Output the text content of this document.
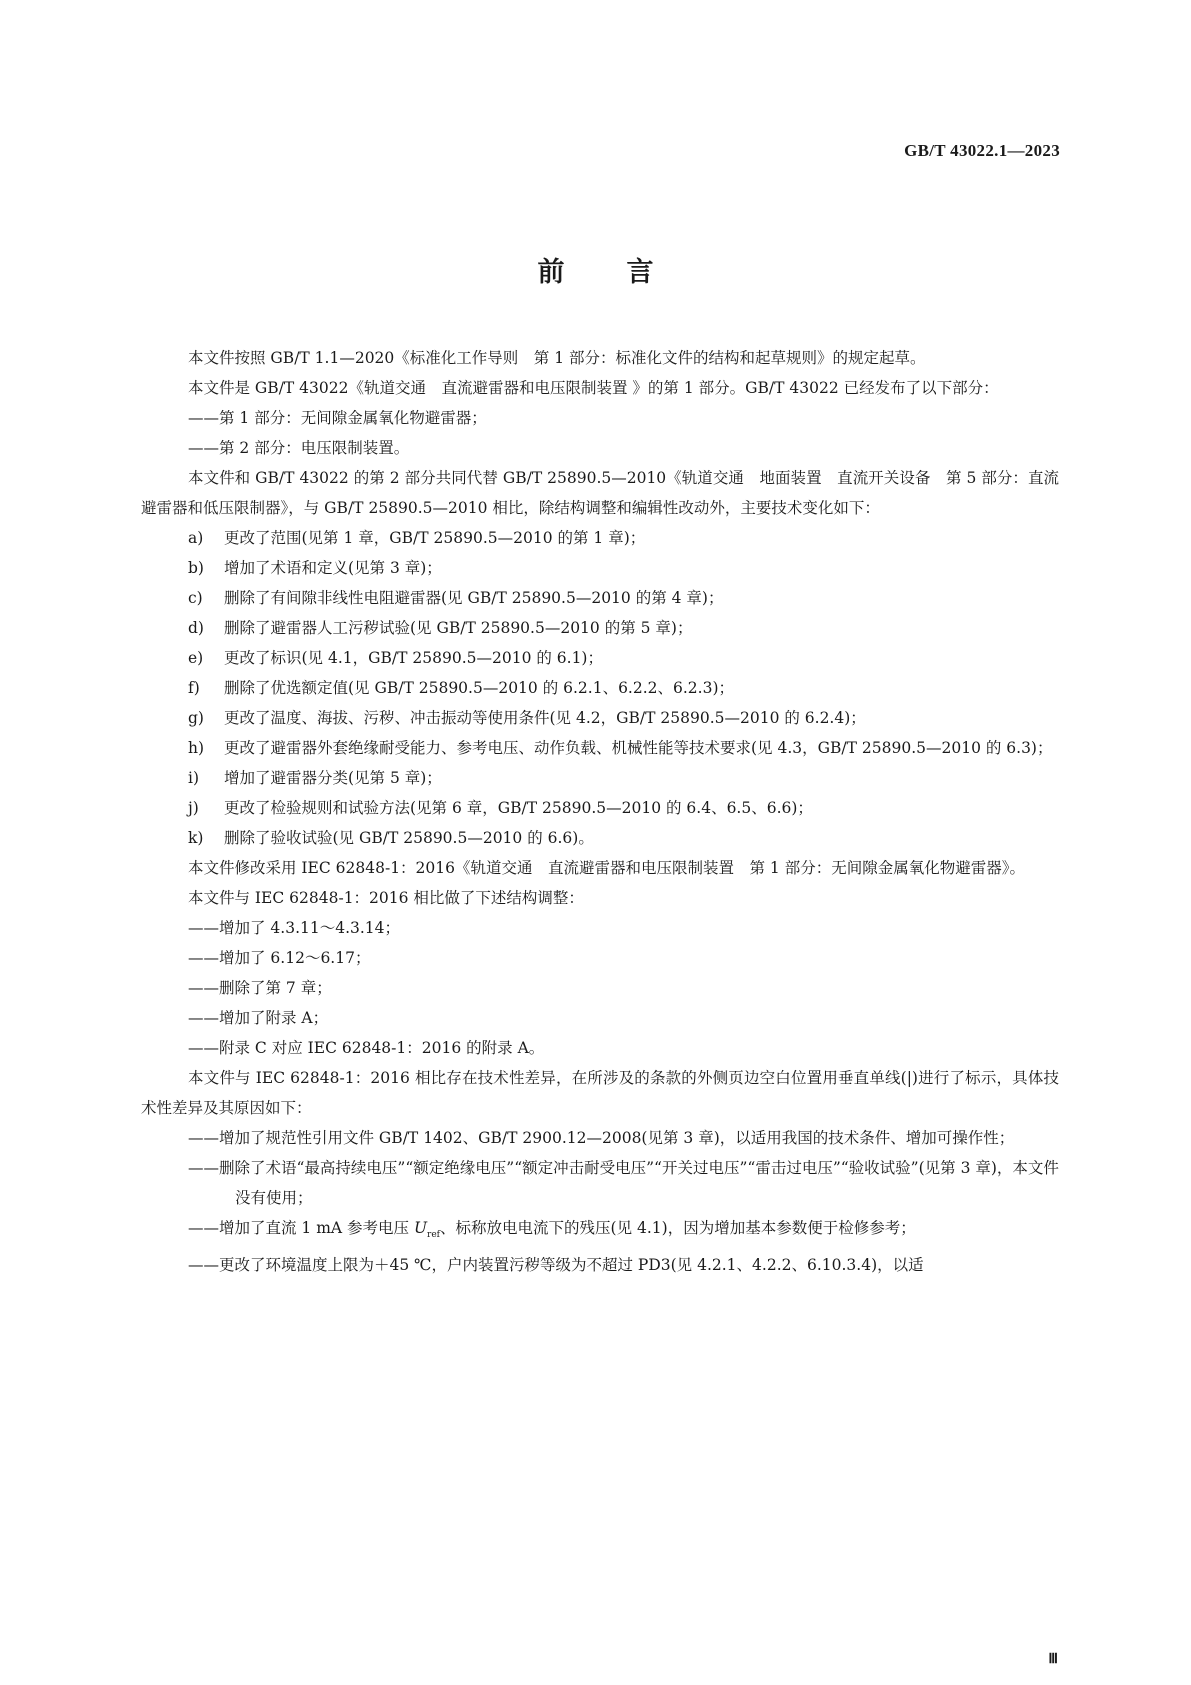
GB/T 43022.1—2023
前言

本文件按照 GB/T 1.1—2020《标准化工作导则　第 1 部分：标准化文件的结构和起草规则》的规定起草。

本文件是 GB/T 43022《轨道交通　直流避雷器和电压限制装置 》的第 1 部分。GB/T 43022 已经发布了以下部分：

——第 1 部分：无间隙金属氧化物避雷器；

——第 2 部分：电压限制装置。

本文件和 GB/T 43022 的第 2 部分共同代替 GB/T 25890.5—2010《轨道交通　地面装置　直流开关设备　第 5 部分：直流避雷器和低压限制器》，与 GB/T 25890.5—2010 相比，除结构调整和编辑性改动外，主要技术变化如下：

a) 更改了范围(见第 1 章，GB/T 25890.5—2010 的第 1 章)；

b) 增加了术语和定义(见第 3 章)；

c) 删除了有间隙非线性电阻避雷器(见 GB/T 25890.5—2010 的第 4 章)；

d) 删除了避雷器人工污秽试验(见 GB/T 25890.5—2010 的第 5 章)；

e) 更改了标识(见 4.1，GB/T 25890.5—2010 的 6.1)；

f) 删除了优选额定值(见 GB/T 25890.5—2010 的 6.2.1、6.2.2、6.2.3)；

g) 更改了温度、海拔、污秽、冲击振动等使用条件(见 4.2，GB/T 25890.5—2010 的 6.2.4)；

h) 更改了避雷器外套绝缘耐受能力、参考电压、动作负载、机械性能等技术要求(见 4.3，GB/T 25890.5—2010 的 6.3)；

i) 增加了避雷器分类(见第 5 章)；

j) 更改了检验规则和试验方法(见第 6 章，GB/T 25890.5—2010 的 6.4、6.5、6.6)；

k) 删除了验收试验(见 GB/T 25890.5—2010 的 6.6)。

本文件修改采用 IEC 62848-1：2016《轨道交通　直流避雷器和电压限制装置　第 1 部分：无间隙金属氧化物避雷器》。

本文件与 IEC 62848-1：2016 相比做了下述结构调整：

——增加了 4.3.11～4.3.14；

——增加了 6.12～6.17；

——删除了第 7 章；

——增加了附录 A；

——附录 C 对应 IEC 62848-1：2016 的附录 A。

本文件与 IEC 62848-1：2016 相比存在技术性差异，在所涉及的条款的外侧页边空白位置用垂直单线(|)进行了标示，具体技术性差异及其原因如下：

——增加了规范性引用文件 GB/T 1402、GB/T 2900.12—2008(见第 3 章)，以适用我国的技术条件、增加可操作性；

——删除了术语“最高持续电压”“额定绝缘电压”“额定冲击耐受电压”“开关过电压”“雷击过电压”“验收试验”(见第 3 章)，本文件没有使用；

——增加了直流 1 mA 参考电压 $U_{ref}$、标称放电电流下的残压(见 4.1)，因为增加基本参数便于检修参考；

——更改了环境温度上限为＋45 ℃，户内装置污秽等级为不超过 PD3(见 4.2.1、4.2.2、6.10.3.4)，以适

Ⅲ
